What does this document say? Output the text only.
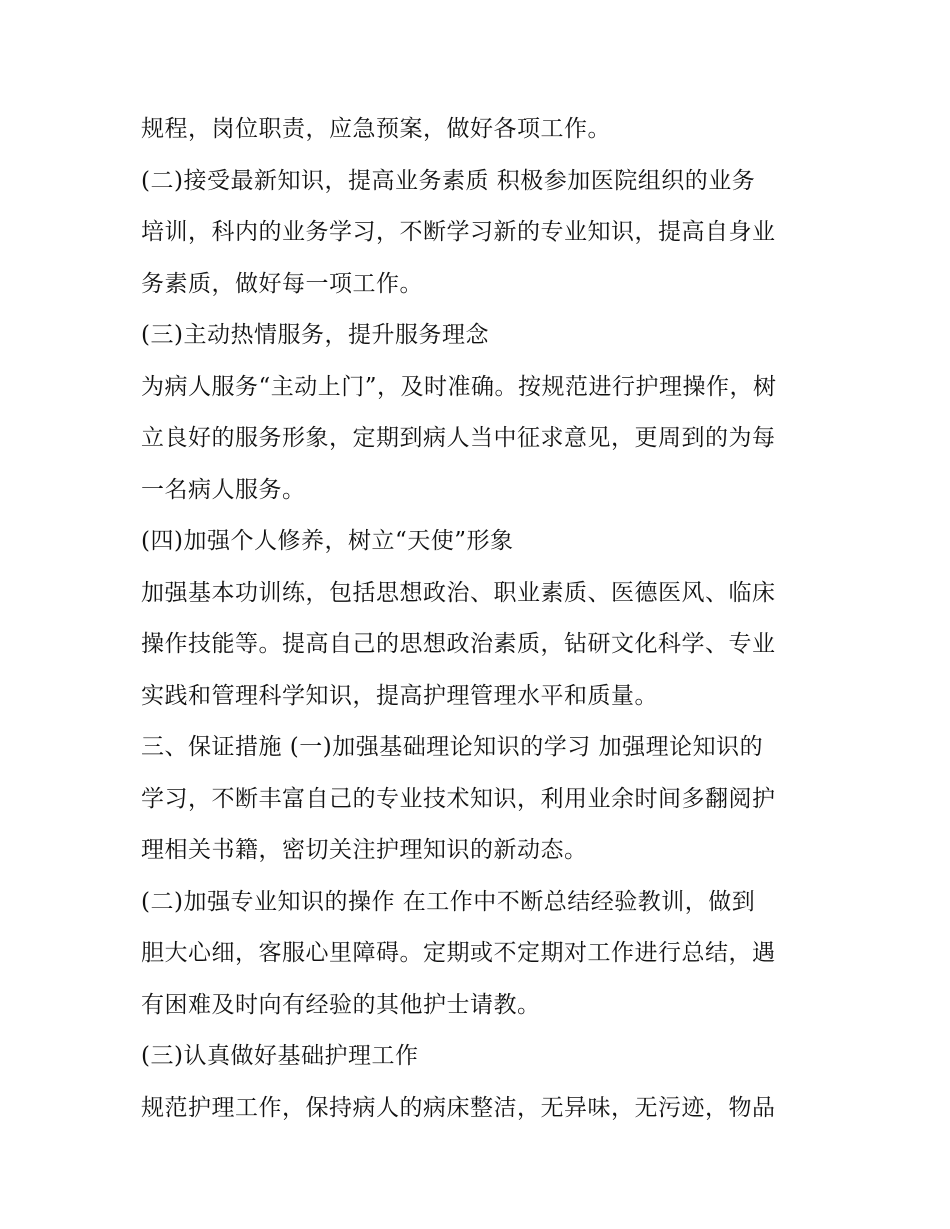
规程，岗位职责，应急预案，做好各项工作。
(二)接受最新知识，提高业务素质 积极参加医院组织的业务
培训，科内的业务学习，不断学习新的专业知识，提高自身业
务素质，做好每一项工作。
(三)主动热情服务，提升服务理念
为病人服务“主动上门”，及时准确。按规范进行护理操作，树
立良好的服务形象，定期到病人当中征求意见，更周到的为每
一名病人服务。
(四)加强个人修养，树立“天使”形象
加强基本功训练，包括思想政治、职业素质、医德医风、临床
操作技能等。提高自己的思想政治素质，钻研文化科学、专业
实践和管理科学知识，提高护理管理水平和质量。
三、保证措施 (一)加强基础理论知识的学习 加强理论知识的
学习，不断丰富自己的专业技术知识，利用业余时间多翻阅护
理相关书籍，密切关注护理知识的新动态。
(二)加强专业知识的操作 在工作中不断总结经验教训，做到
胆大心细，客服心里障碍。定期或不定期对工作进行总结，遇
有困难及时向有经验的其他护士请教。
(三)认真做好基础护理工作
规范护理工作，保持病人的病床整洁，无异味，无污迹，物品
